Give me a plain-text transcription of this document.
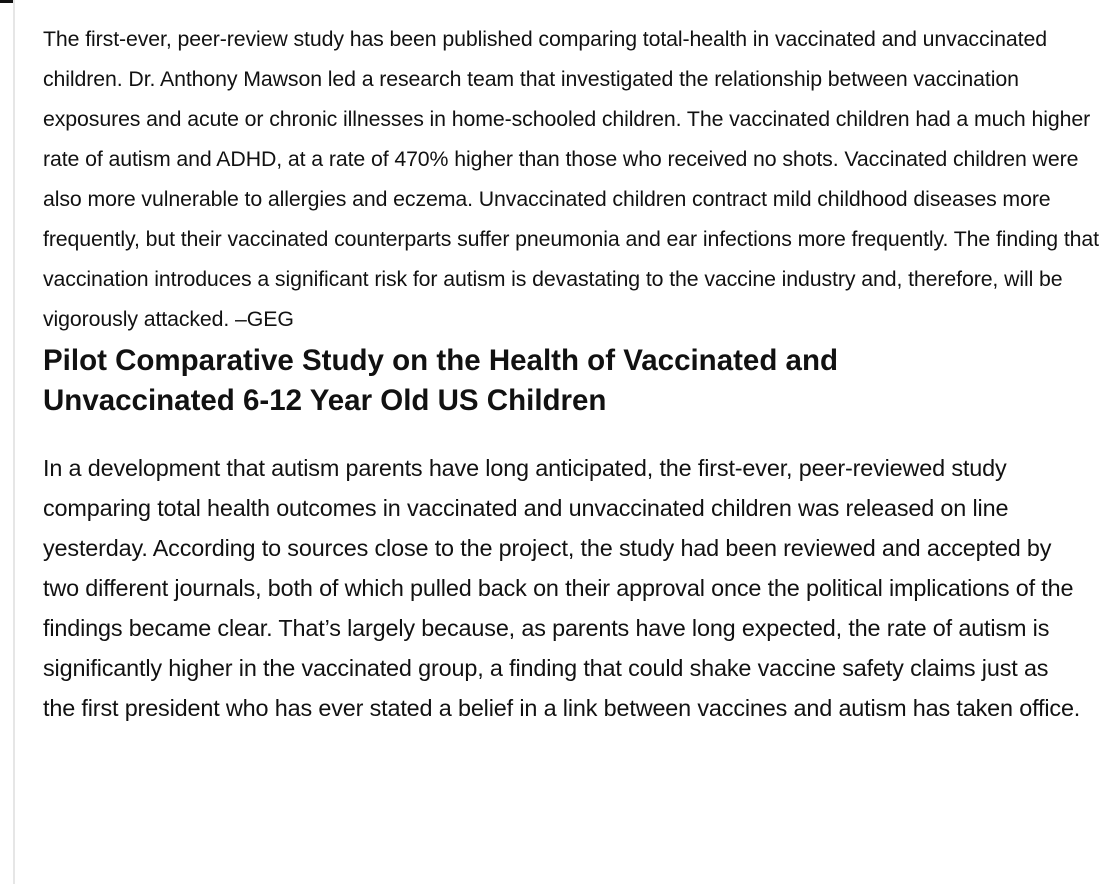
The first-ever, peer-review study has been published comparing total-health in vaccinated and unvaccinated children. Dr. Anthony Mawson led a research team that investigated the relationship between vaccination exposures and acute or chronic illnesses in home-schooled children. The vaccinated children had a much higher rate of autism and ADHD, at a rate of 470% higher than those who received no shots. Vaccinated children were also more vulnerable to allergies and eczema. Unvaccinated children contract mild childhood diseases more frequently, but their vaccinated counterparts suffer pneumonia and ear infections more frequently. The finding that vaccination introduces a significant risk for autism is devastating to the vaccine industry and, therefore, will be vigorously attacked. –GEG

Pilot Comparative Study on the Health of Vaccinated and Unvaccinated 6-12 Year Old US Children

In a development that autism parents have long anticipated, the first-ever, peer-reviewed study comparing total health outcomes in vaccinated and unvaccinated children was released on line yesterday. According to sources close to the project, the study had been reviewed and accepted by two different journals, both of which pulled back on their approval once the political implications of the findings became clear. That’s largely because, as parents have long expected, the rate of autism is significantly higher in the vaccinated group, a finding that could shake vaccine safety claims just as the first president who has ever stated a belief in a link between vaccines and autism has taken office.
